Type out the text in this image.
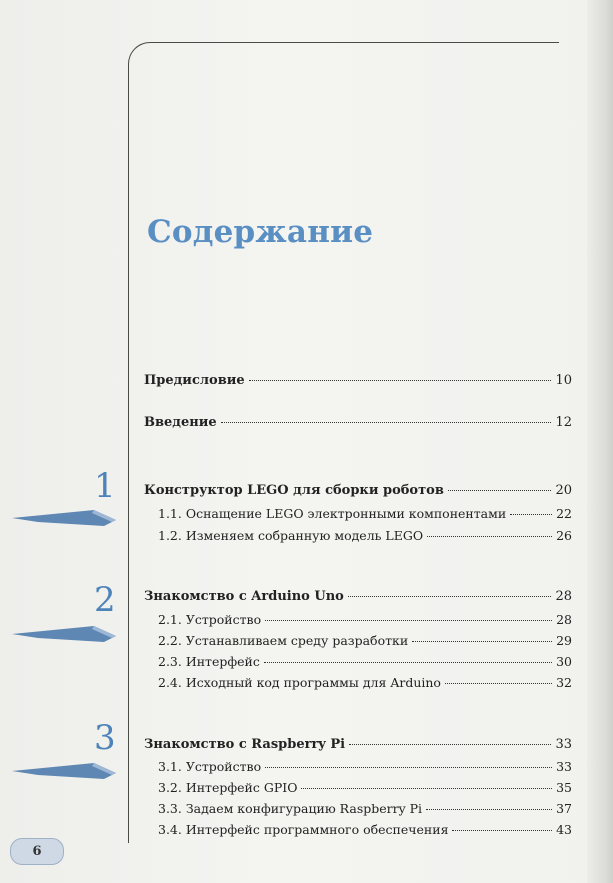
Содержание
Предисловие	10
Введение	12
1 Конструктор LEGO для сборки роботов	20
1.1. Оснащение LEGO электронными компонентами	22
1.2. Изменяем собранную модель LEGO	26
2 Знакомство с Arduino Uno	28
2.1. Устройство	28
2.2. Устанавливаем среду разработки	29
2.3. Интерфейс	30
2.4. Исходный код программы для Arduino	32
3 Знакомство с Raspberry Pi	33
3.1. Устройство	33
3.2. Интерфейс GPIO	35
3.3. Задаем конфигурацию Raspberry Pi	37
3.4. Интерфейс программного обеспечения	43
6
